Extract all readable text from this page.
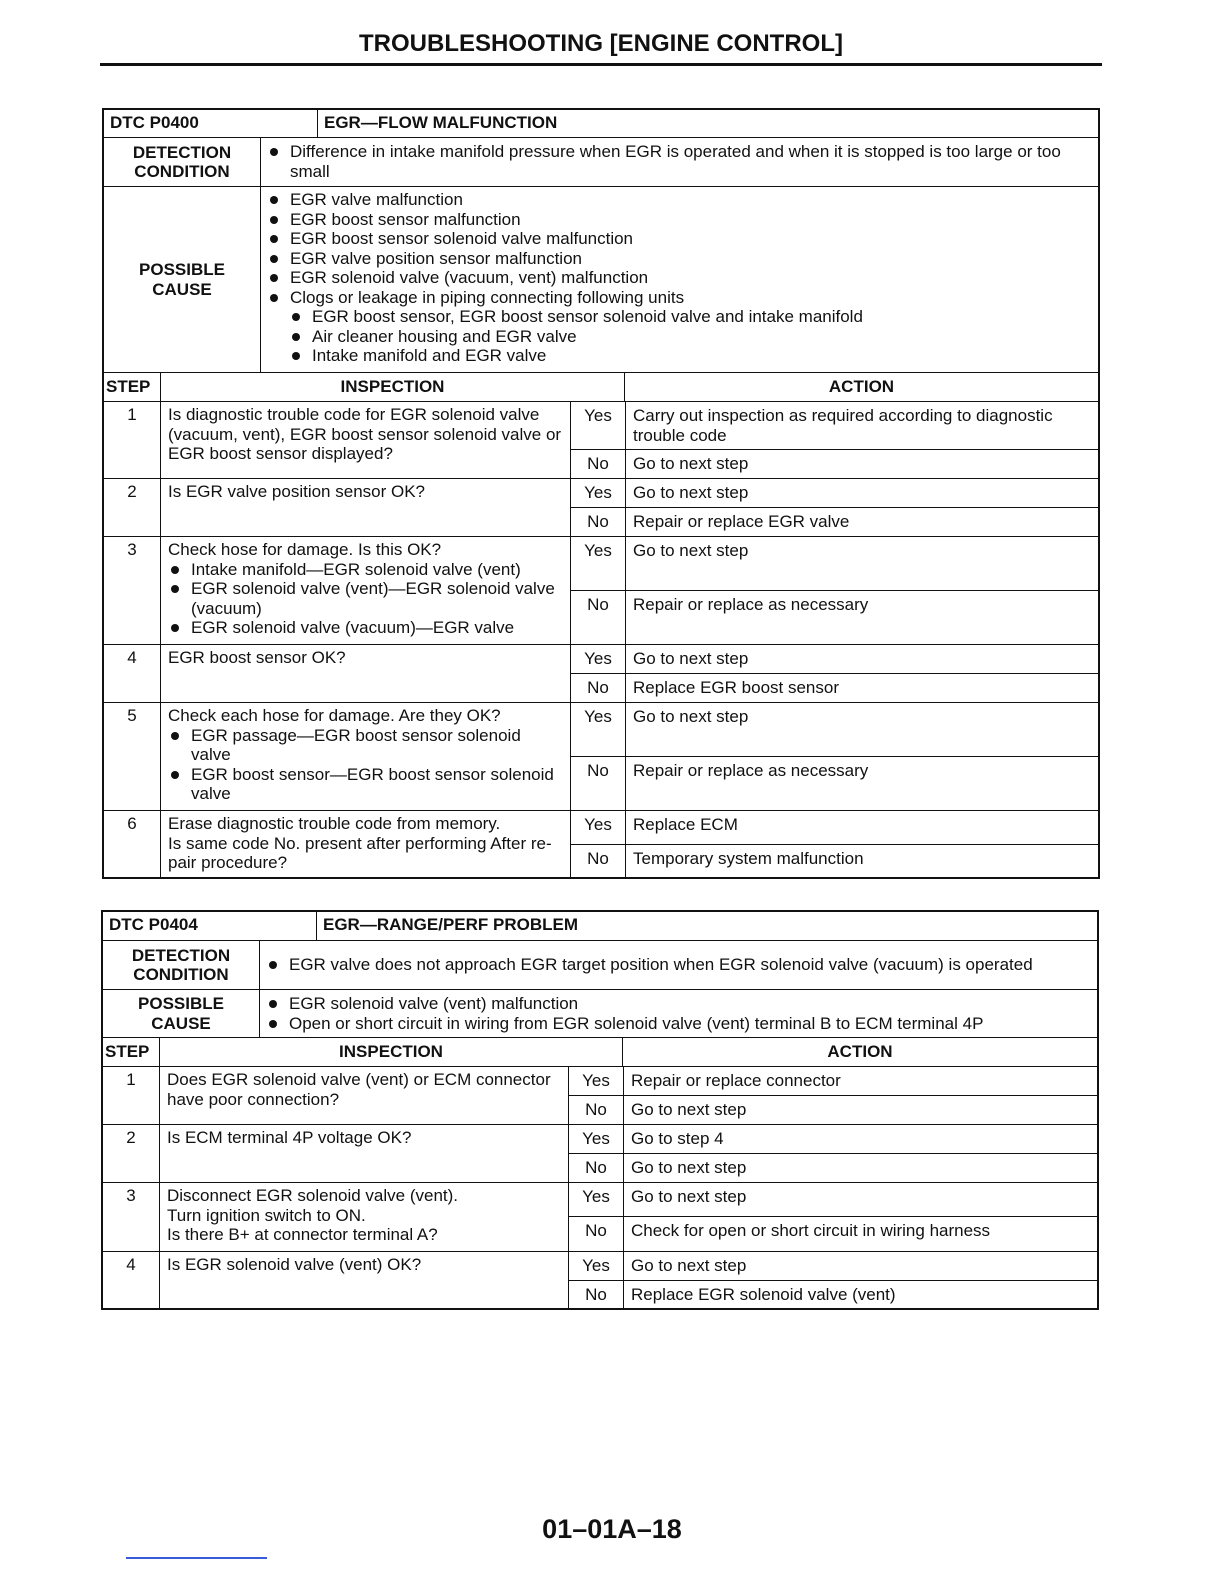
TROUBLESHOOTING [ENGINE CONTROL]
DTC P0400	EGR—FLOW MALFUNCTION
DETECTION CONDITION
Difference in intake manifold pressure when EGR is operated and when it is stopped is too large or too small
POSSIBLE CAUSE
EGR valve malfunction
EGR boost sensor malfunction
EGR boost sensor solenoid valve malfunction
EGR valve position sensor malfunction
EGR solenoid valve (vacuum, vent) malfunction
Clogs or leakage in piping connecting following units
EGR boost sensor, EGR boost sensor solenoid valve and intake manifold
Air cleaner housing and EGR valve
Intake manifold and EGR valve
STEP	INSPECTION	ACTION
1	Is diagnostic trouble code for EGR solenoid valve (vacuum, vent), EGR boost sensor solenoid valve or EGR boost sensor displayed?
Yes	Carry out inspection as required according to diagnostic trouble code
No	Go to next step
2	Is EGR valve position sensor OK?	Yes	Go to next step
No	Repair or replace EGR valve
3	Check hose for damage. Is this OK?
Intake manifold—EGR solenoid valve (vent)
EGR solenoid valve (vent)—EGR solenoid valve (vacuum)
EGR solenoid valve (vacuum)—EGR valve
Yes	Go to next step
No	Repair or replace as necessary
4	EGR boost sensor OK?	Yes	Go to next step
No	Replace EGR boost sensor
5	Check each hose for damage. Are they OK?
EGR passage—EGR boost sensor solenoid valve
EGR boost sensor—EGR boost sensor solenoid valve
Yes	Go to next step
No	Repair or replace as necessary
6	Erase diagnostic trouble code from memory.
Is same code No. present after performing After re-pair procedure?
Yes	Replace ECM
No	Temporary system malfunction
DTC P0404	EGR—RANGE/PERF PROBLEM
DETECTION CONDITION
EGR valve does not approach EGR target position when EGR solenoid valve (vacuum) is operated
POSSIBLE CAUSE
EGR solenoid valve (vent) malfunction
Open or short circuit in wiring from EGR solenoid valve (vent) terminal B to ECM terminal 4P
STEP	INSPECTION	ACTION
1	Does EGR solenoid valve (vent) or ECM connector have poor connection?
Yes	Repair or replace connector
No	Go to next step
2	Is ECM terminal 4P voltage OK?	Yes	Go to step 4
No	Go to next step
3	Disconnect EGR solenoid valve (vent).
Turn ignition switch to ON.
Is there B+ at connector terminal A?
Yes	Go to next step
No	Check for open or short circuit in wiring harness
4	Is EGR solenoid valve (vent) OK?	Yes	Go to next step
No	Replace EGR solenoid valve (vent)
01–01A–18
